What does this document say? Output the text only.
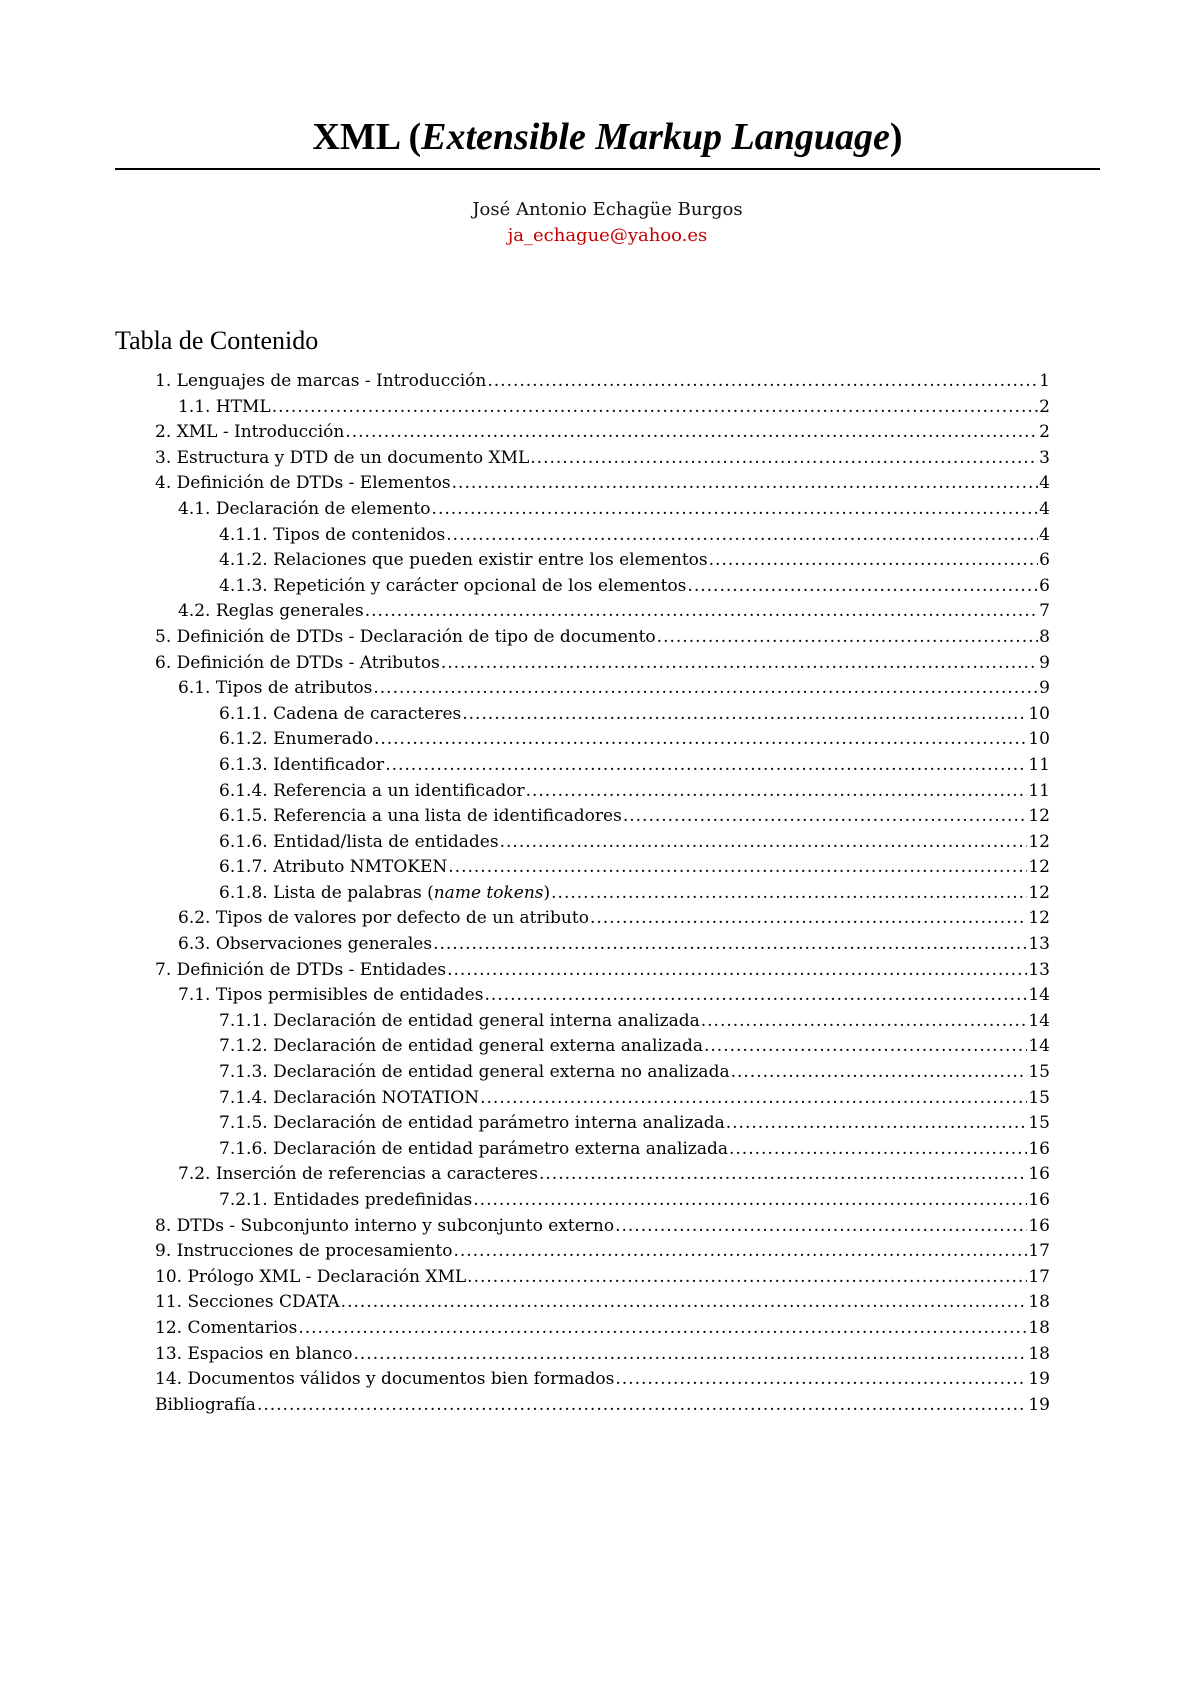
XML (Extensible Markup Language)
José Antonio Echagüe Burgos
ja_echague@yahoo.es
Tabla de Contenido
1. Lenguajes de marcas - Introducción .....	1
1.1. HTML .....	2
2. XML - Introducción .....	2
3. Estructura y DTD de un documento XML .....	3
4. Definición de DTDs - Elementos .....	4
4.1. Declaración de elemento .....	4
4.1.1. Tipos de contenidos .....	4
4.1.2. Relaciones que pueden existir entre los elementos .....	6
4.1.3. Repetición y carácter opcional de los elementos .....	6
4.2. Reglas generales .....	7
5. Definición de DTDs - Declaración de tipo de documento .....	8
6. Definición de DTDs - Atributos .....	9
6.1. Tipos de atributos .....	9
6.1.1. Cadena de caracteres .....	10
6.1.2. Enumerado .....	10
6.1.3. Identificador .....	11
6.1.4. Referencia a un identificador .....	11
6.1.5. Referencia a una lista de identificadores .....	12
6.1.6. Entidad/lista de entidades .....	12
6.1.7. Atributo NMTOKEN .....	12
6.1.8. Lista de palabras (name tokens) .....	12
6.2. Tipos de valores por defecto de un atributo .....	12
6.3. Observaciones generales .....	13
7. Definición de DTDs - Entidades .....	13
7.1. Tipos permisibles de entidades .....	14
7.1.1. Declaración de entidad general interna analizada .....	14
7.1.2. Declaración de entidad general externa analizada .....	14
7.1.3. Declaración de entidad general externa no analizada .....	15
7.1.4. Declaración NOTATION .....	15
7.1.5. Declaración de entidad parámetro interna analizada .....	15
7.1.6. Declaración de entidad parámetro externa analizada .....	16
7.2. Inserción de referencias a caracteres .....	16
7.2.1. Entidades predefinidas .....	16
8. DTDs - Subconjunto interno y subconjunto externo .....	16
9. Instrucciones de procesamiento .....	17
10. Prólogo XML - Declaración XML .....	17
11. Secciones CDATA .....	18
12. Comentarios .....	18
13. Espacios en blanco .....	18
14. Documentos válidos y documentos bien formados .....	19
Bibliografía .....	19
